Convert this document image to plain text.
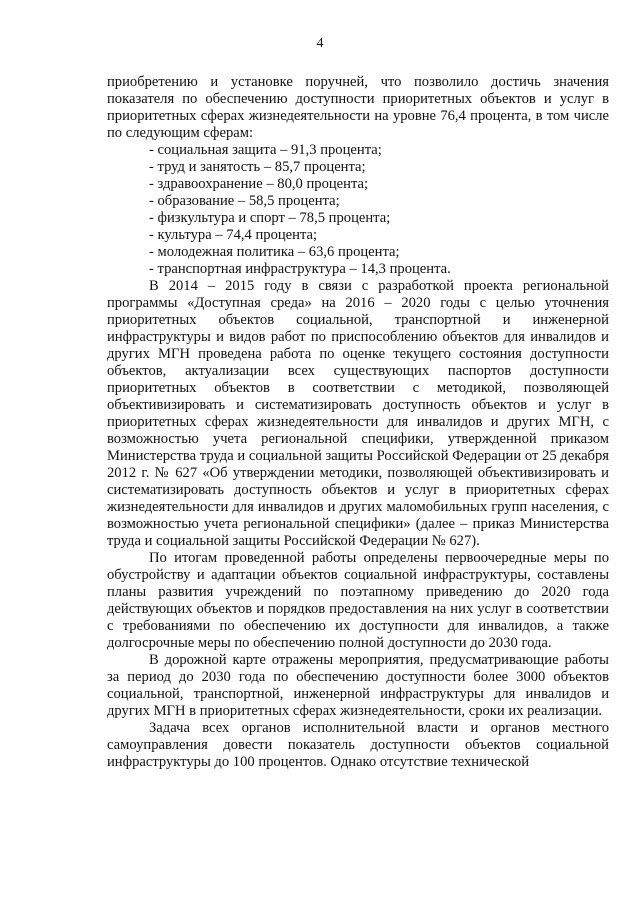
4

приобретению и установке поручней, что позволило достичь значения показателя по обеспечению доступности приоритетных объектов и услуг в приоритетных сферах жизнедеятельности на уровне 76,4 процента, в том числе по следующим сферам:

- социальная защита – 91,3 процента;
- труд и занятость – 85,7 процента;
- здравоохранение – 80,0 процента;
- образование – 58,5 процента;
- физкультура и спорт – 78,5 процента;
- культура – 74,4 процента;
- молодежная политика – 63,6 процента;
- транспортная инфраструктура – 14,3 процента.

В 2014 – 2015 году в связи с разработкой проекта региональной программы «Доступная среда» на 2016 – 2020 годы с целью уточнения приоритетных объектов социальной, транспортной и инженерной инфраструктуры и видов работ по приспособлению объектов для инвалидов и других МГН проведена работа по оценке текущего состояния доступности объектов, актуализации всех существующих паспортов доступности приоритетных объектов в соответствии с методикой, позволяющей объективизировать и систематизировать доступность объектов и услуг в приоритетных сферах жизнедеятельности для инвалидов и других МГН, с возможностью учета региональной специфики, утвержденной приказом Министерства труда и социальной защиты Российской Федерации от 25 декабря 2012 г. № 627 «Об утверждении методики, позволяющей объективизировать и систематизировать доступность объектов и услуг в приоритетных сферах жизнедеятельности для инвалидов и других маломобильных групп населения, с возможностью учета региональной специфики» (далее – приказ Министерства труда и социальной защиты Российской Федерации № 627).

По итогам проведенной работы определены первоочередные меры по обустройству и адаптации объектов социальной инфраструктуры, составлены планы развития учреждений по поэтапному приведению до 2020 года действующих объектов и порядков предоставления на них услуг в соответствии с требованиями по обеспечению их доступности для инвалидов, а также долгосрочные меры по обеспечению полной доступности до 2030 года.

В дорожной карте отражены мероприятия, предусматривающие работы за период до 2030 года по обеспечению доступности более 3000 объектов социальной, транспортной, инженерной инфраструктуры для инвалидов и других МГН в приоритетных сферах жизнедеятельности, сроки их реализации.

Задача всех органов исполнительной власти и органов местного самоуправления довести показатель доступности объектов социальной инфраструктуры до 100 процентов. Однако отсутствие технической
